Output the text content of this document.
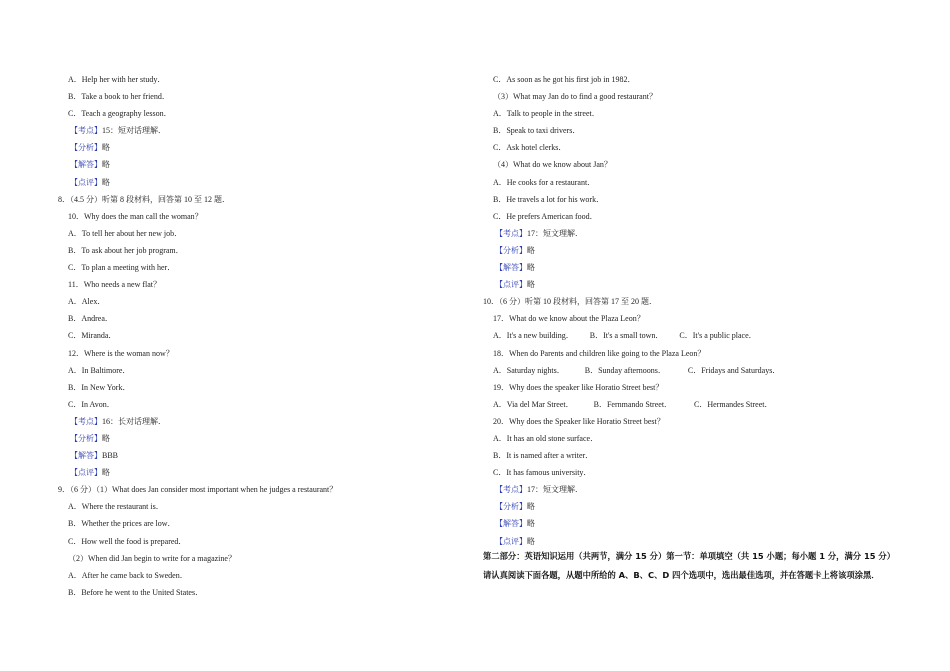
A．Help her with her study．
B．Take a book to her friend．
C．Teach a geography lesson．
【考点】15：短对话理解．
【分析】略
【解答】略
【点评】略
8．（4.5 分）听第 8 段材料，回答第 10 至 12 题．
10．Why does the man call the woman？
A．To tell her about her new job．
B．To ask about her job program．
C．To plan a meeting with her．
11．Who needs a new flat？
A．Alex．
B．Andrea．
C．Miranda．
12．Where is the woman now？
A．In Baltimore．
B．In New York．
C．In Avon．
【考点】16：长对话理解．
【分析】略
【解答】BBB
【点评】略
9．（6 分）（1）What does Jan consider most important when he judges a restaurant？
A．Where the restaurant is．
B．Whether the prices are low．
C．How well the food is prepared．
（2）When did Jan begin to write for a magazine？
A．After he came back to Sweden．
B．Before he went to the United States．
C．As soon as he got his first job in 1982．
（3）What may Jan do to find a good restaurant？
A．Talk to people in the street．
B．Speak to taxi drivers．
C．Ask hotel clerks．
（4）What do we know about Jan？
A．He cooks for a restaurant．
B．He travels a lot for his work．
C．He prefers American food．
【考点】17：短文理解．
【分析】略
【解答】略
【点评】略
10．（6 分）听第 10 段材料，回答第 17 至 20 题．
17．What do we know about the Plaza Leon？
A．It's a new building．        B．It's a small town．        C．It's a public place．
18．When do Parents and children like going to the Plaza Leon？
A．Saturday nights．          B．Sunday afternoons．           C．Fridays and Saturdays．
19．Why does the speaker like Horatio Street best？
A．Via del Mar Street．          B．Fernmando Street．           C．Hermandes Street．
20．Why does the Speaker like Horatio Street best？
A．It has an old stone surface．
B．It is named after a writer．
C．It has famous university．
【考点】17：短文理解．
【分析】略
【解答】略
【点评】略
第二部分：英语知识运用（共两节，满分 15 分）第一节：单项填空（共 15 小题；每小题 1 分，满分 15 分）请认真阅读下面各题，从题中所给的 A、B、C、D 四个选项中，选出最佳选项，并在答题卡上将该项涂黑．
